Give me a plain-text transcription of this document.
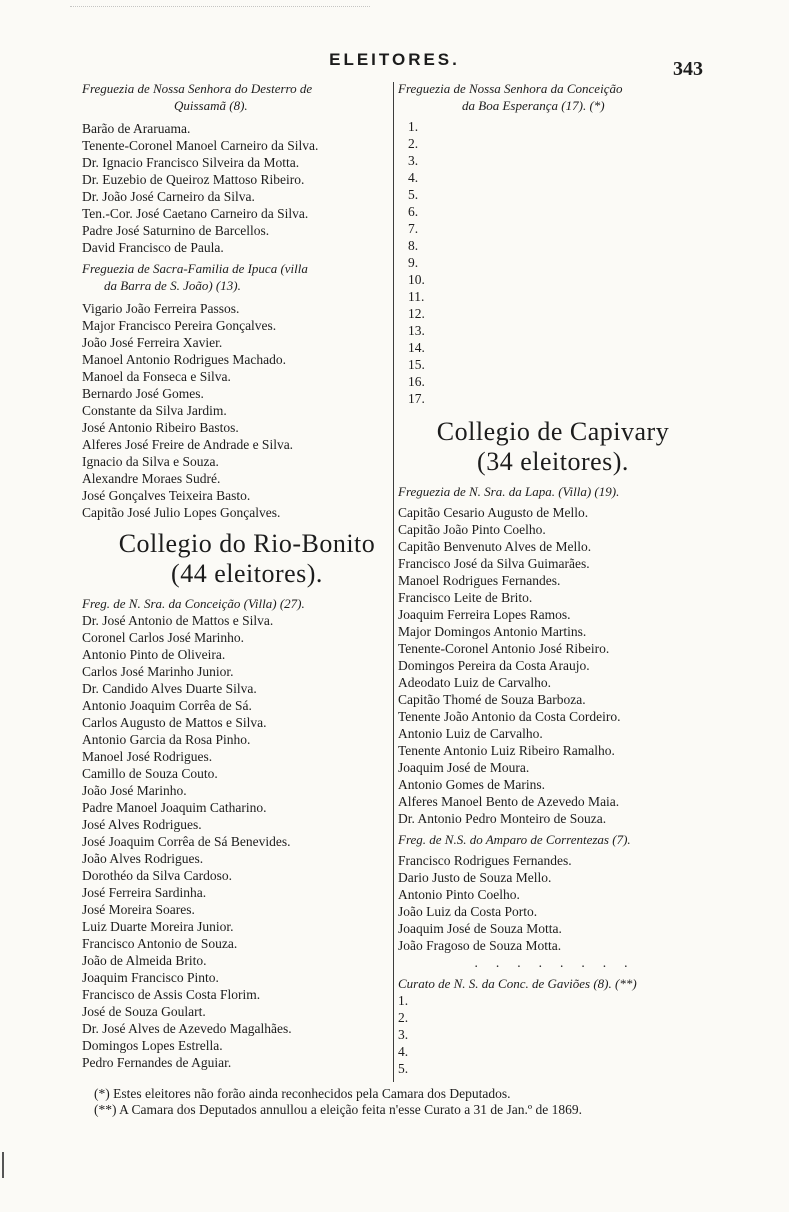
ELEITORES.	343
Freguezia de Nossa Senhora do Desterro de
Quissamã (8).
Barão de Araruama.
Tenente-Coronel Manoel Carneiro da Silva.
Dr. Ignacio Francisco Silveira da Motta.
Dr. Euzebio de Queiroz Mattoso Ribeiro.
Dr. João José Carneiro da Silva.
Ten.-Cor. José Caetano Carneiro da Silva.
Padre José Saturnino de Barcellos.
David Francisco de Paula.
Freguezia de Sacra-Familia de Ipuca (villa
da Barra de S. João) (13).
Vigario João Ferreira Passos.
Major Francisco Pereira Gonçalves.
João José Ferreira Xavier.
Manoel Antonio Rodrigues Machado.
Manoel da Fonseca e Silva.
Bernardo José Gomes.
Constante da Silva Jardim.
José Antonio Ribeiro Bastos.
Alferes José Freire de Andrade e Silva.
Ignacio da Silva e Souza.
Alexandre Moraes Sudré.
José Gonçalves Teixeira Basto.
Capitão José Julio Lopes Gonçalves.
Collegio do Rio-Bonito
(44 eleitores).
Freg. de N. Sra. da Conceição (Villa) (27).
Dr. José Antonio de Mattos e Silva.
Coronel Carlos José Marinho.
Antonio Pinto de Oliveira.
Carlos José Marinho Junior.
Dr. Candido Alves Duarte Silva.
Antonio Joaquim Corrêa de Sá.
Carlos Augusto de Mattos e Silva.
Antonio Garcia da Rosa Pinho.
Manoel José Rodrigues.
Camillo de Souza Couto.
João José Marinho.
Padre Manoel Joaquim Catharino.
José Alves Rodrigues.
José Joaquim Corrêa de Sá Benevides.
João Alves Rodrigues.
Dorothéo da Silva Cardoso.
José Ferreira Sardinha.
José Moreira Soares.
Luiz Duarte Moreira Junior.
Francisco Antonio de Souza.
João de Almeida Brito.
Joaquim Francisco Pinto.
Francisco de Assis Costa Florim.
José de Souza Goulart.
Dr. José Alves de Azevedo Magalhães.
Domingos Lopes Estrella.
Pedro Fernandes de Aguiar.
Freguezia de Nossa Senhora da Conceição
da Boa Esperança (17). (*)
1.
2.
3.
4.
5.
6.
7.
8.
9.
10.
11.
12.
13.
14.
15.
16.
17.
Collegio de Capivary
(34 eleitores).
Freguezia de N. Sra. da Lapa. (Villa) (19).
Capitão Cesario Augusto de Mello.
Capitão João Pinto Coelho.
Capitão Benvenuto Alves de Mello.
Francisco José da Silva Guimarães.
Manoel Rodrigues Fernandes.
Francisco Leite de Brito.
Joaquim Ferreira Lopes Ramos.
Major Domingos Antonio Martins.
Tenente-Coronel Antonio José Ribeiro.
Domingos Pereira da Costa Araujo.
Adeodato Luiz de Carvalho.
Capitão Thomé de Souza Barboza.
Tenente João Antonio da Costa Cordeiro.
Antonio Luiz de Carvalho.
Tenente Antonio Luiz Ribeiro Ramalho.
Joaquim José de Moura.
Antonio Gomes de Marins.
Alferes Manoel Bento de Azevedo Maia.
Dr. Antonio Pedro Monteiro de Souza.
Freg. de N.S. do Amparo de Correntezas (7).
Francisco Rodrigues Fernandes.
Dario Justo de Souza Mello.
Antonio Pinto Coelho.
João Luiz da Costa Porto.
Joaquim José de Souza Motta.
João Fragoso de Souza Motta.
........
Curato de N. S. da Conc. de Gaviões (8). (**)
1.
2.
3.
4.
5.
(*) Estes eleitores não forão ainda reconhecidos pela Camara dos Deputados.
(**) A Camara dos Deputados annullou a eleição feita n'esse Curato a 31 de Jan.º de 1869.
